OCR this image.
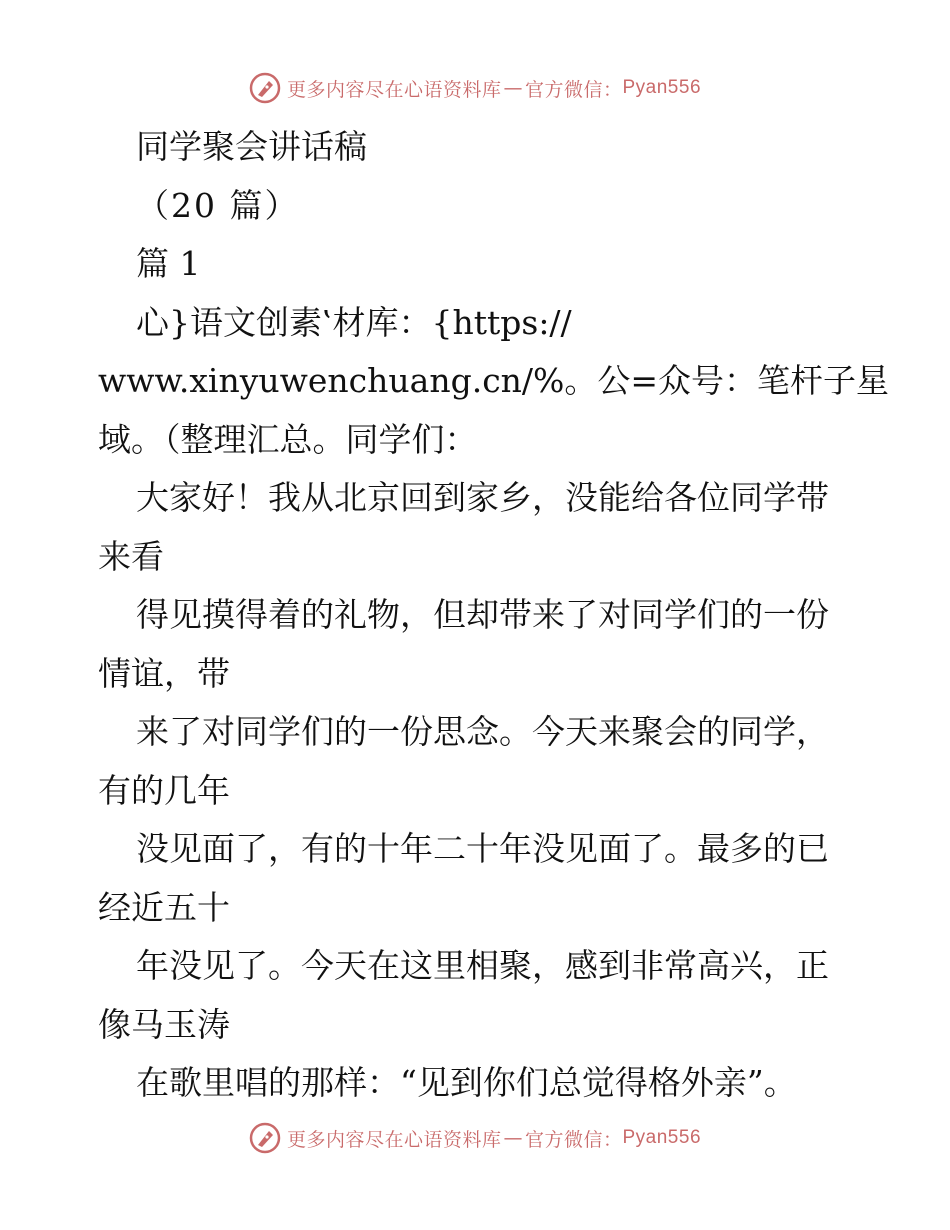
更多内容尽在心语资料库 — 官方微信： Pyan556
同学聚会讲话稿
（20 篇）
篇 1
心}语文创素‛材库：{https://
www.xinyuwenchuang.cn/%。公=众号：笔杆子星
域。（整理汇总。同学们：
大家好！我从北京回到家乡，没能给各位同学带
来看
得见摸得着的礼物，但却带来了对同学们的一份
情谊，带
来了对同学们的一份思念。今天来聚会的同学，
有的几年
没见面了，有的十年二十年没见面了。最多的已
经近五十
年没见了。今天在这里相聚，感到非常高兴，正
像马玉涛
在歌里唱的那样：“见到你们总觉得格外亲”。
更多内容尽在心语资料库 — 官方微信： Pyan556
